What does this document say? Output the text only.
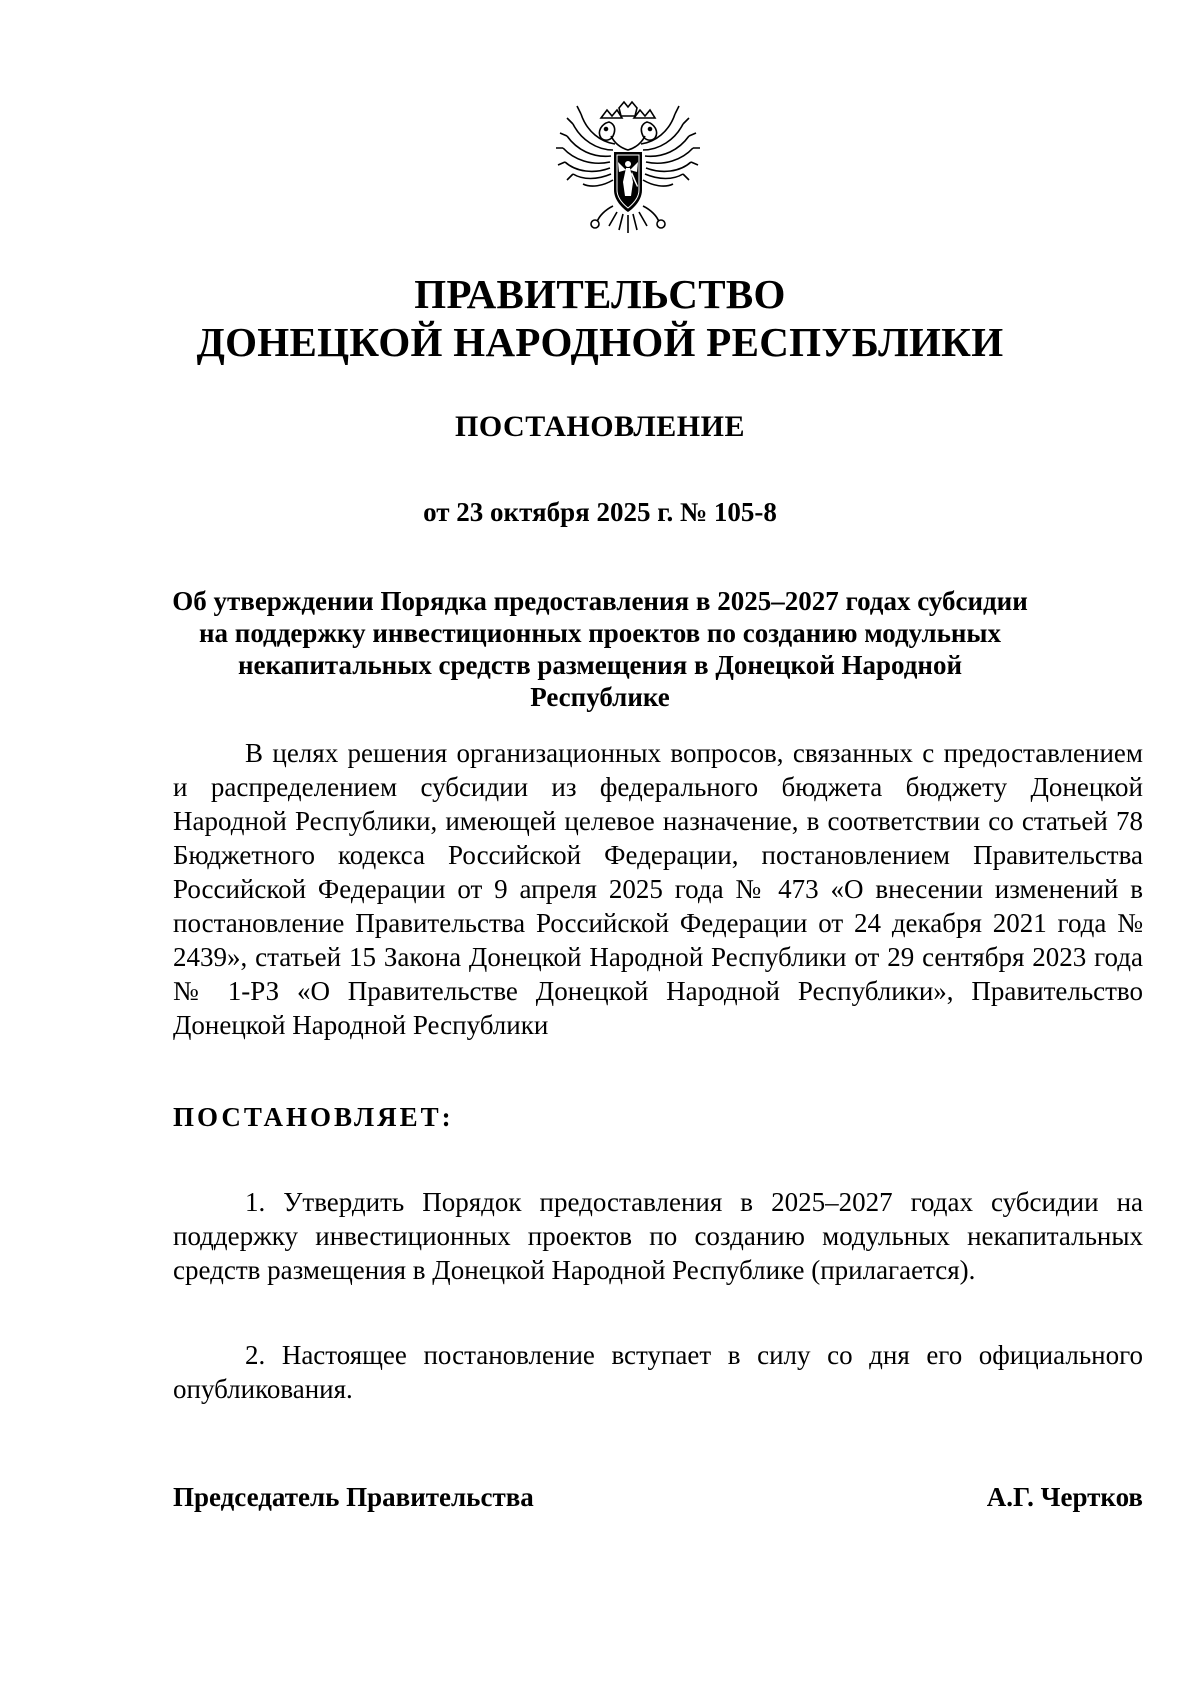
ПРАВИТЕЛЬСТВО
ДОНЕЦКОЙ НАРОДНОЙ РЕСПУБЛИКИ
ПОСТАНОВЛЕНИЕ
от 23 октября 2025 г. № 105-8
Об утверждении Порядка предоставления в 2025–2027 годах субсидии
на поддержку инвестиционных проектов по созданию модульных
некапитальных средств размещения в Донецкой Народной Республике
В целях решения организационных вопросов, связанных с предоставлением и распределением субсидии из федерального бюджета бюджету Донецкой Народной Республики, имеющей целевое назначение, в соответствии со статьей 78 Бюджетного кодекса Российской Федерации, постановлением Правительства Российской Федерации от 9 апреля 2025 года № 473 «О внесении изменений в постановление Правительства Российской Федерации от 24 декабря 2021 года № 2439», статьей 15 Закона Донецкой Народной Республики от 29 сентября 2023 года № 1-РЗ «О Правительстве Донецкой Народной Республики», Правительство Донецкой Народной Республики
ПОСТАНОВЛЯЕТ:
1. Утвердить Порядок предоставления в 2025–2027 годах субсидии на поддержку инвестиционных проектов по созданию модульных некапитальных средств размещения в Донецкой Народной Республике (прилагается).
2. Настоящее постановление вступает в силу со дня его официального опубликования.
Председатель Правительства	А.Г. Чертков
